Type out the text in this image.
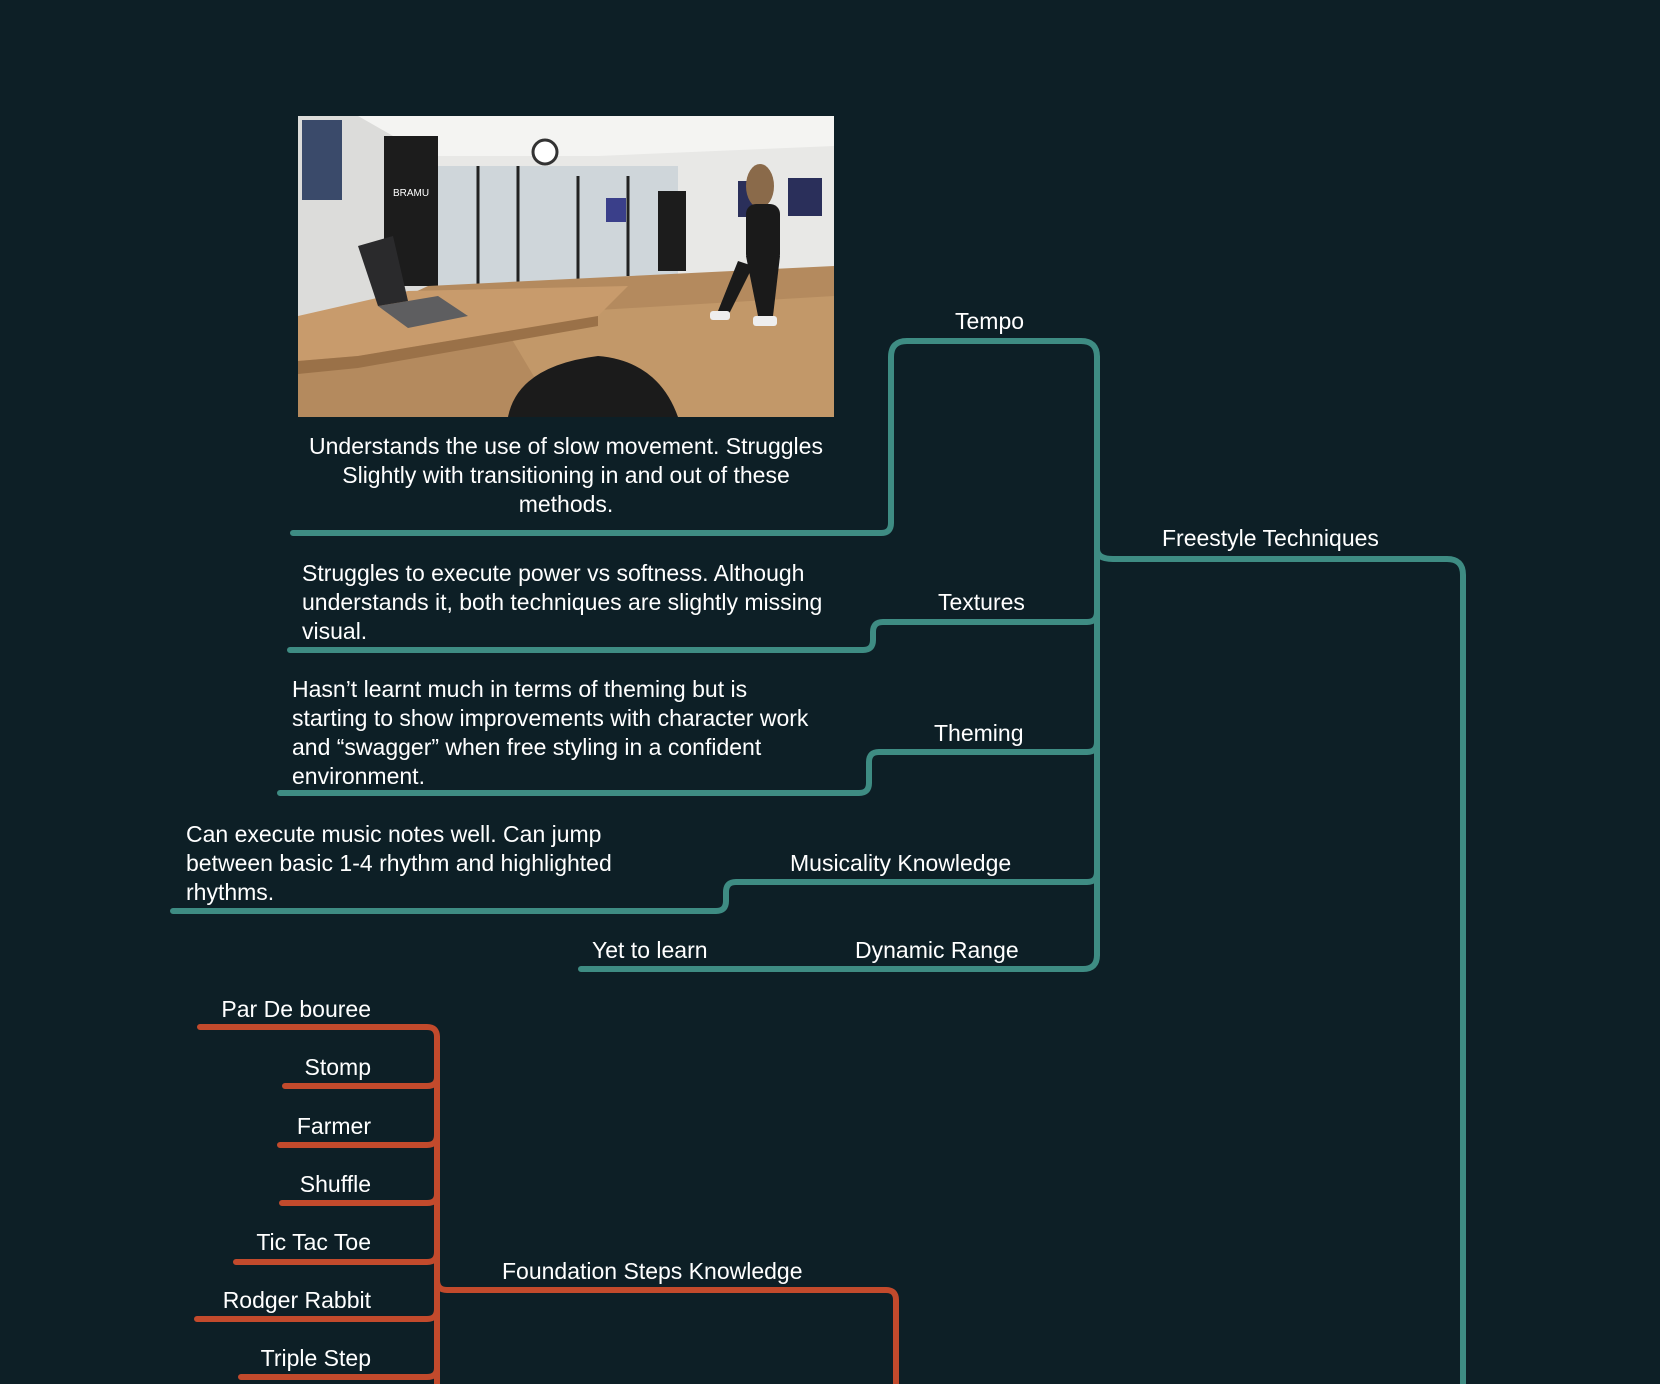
BRAMU
Freestyle Techniques
Tempo
Understands the use of slow movement. Struggles Slightly with transitioning in and out of these methods.
Textures
Struggles to execute power vs softness. Although understands it, both techniques are slightly missing visual.
Theming
Hasn’t learnt much in terms of theming but is starting to show improvements with character work and “swagger” when free styling in a confident environment.
Musicality Knowledge
Can execute music notes well. Can jump between basic 1-4 rhythm and highlighted rhythms.
Dynamic Range
Yet to learn
Foundation Steps Knowledge
Par De bouree
Stomp
Farmer
Shuffle
Tic Tac Toe
Rodger Rabbit
Triple Step
